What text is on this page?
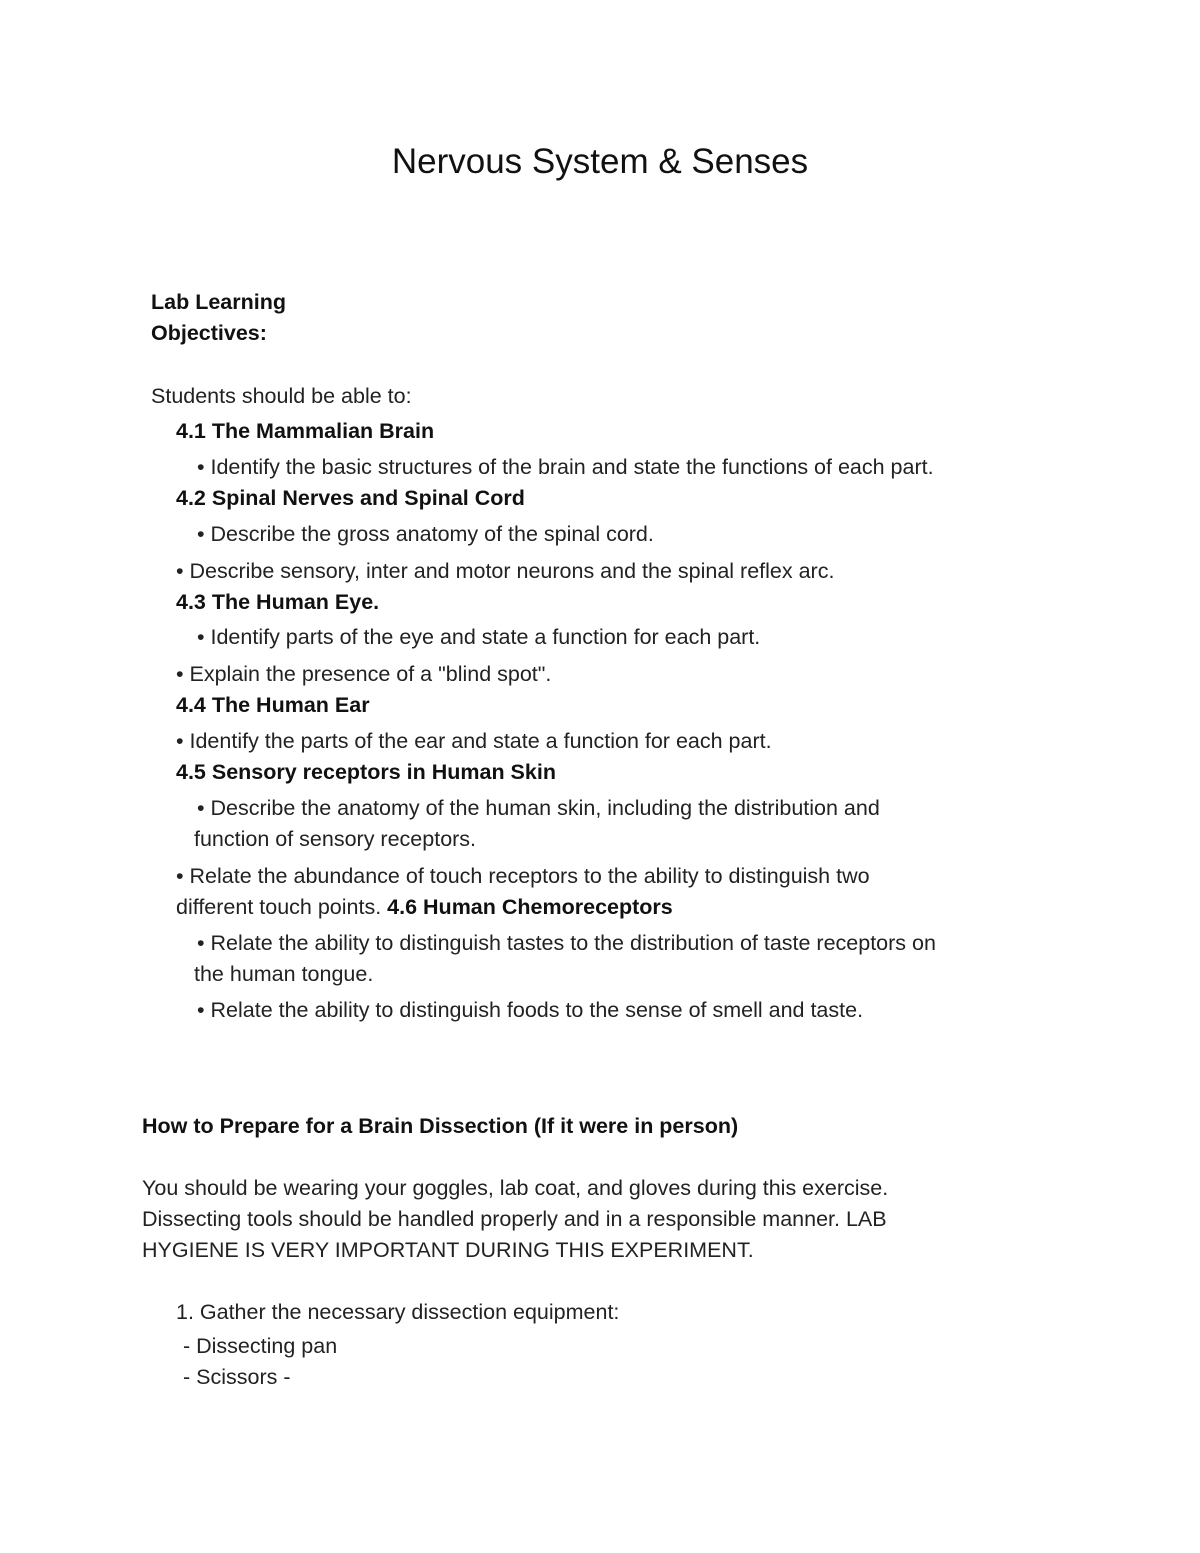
Nervous System & Senses
Lab Learning
Objectives:
Students should be able to:
4.1 The Mammalian Brain
• Identify the basic structures of the brain and state the functions of each part.
4.2 Spinal Nerves and Spinal Cord
• Describe the gross anatomy of the spinal cord.
• Describe sensory, inter and motor neurons and the spinal reflex arc.
4.3 The Human Eye.
• Identify parts of the eye and state a function for each part.
• Explain the presence of a "blind spot".
4.4 The Human Ear
• Identify the parts of the ear and state a function for each part.
4.5 Sensory receptors in Human Skin
• Describe the anatomy of the human skin, including the distribution and
function of sensory receptors.
• Relate the abundance of touch receptors to the ability to distinguish two
different touch points. 4.6 Human Chemoreceptors
• Relate the ability to distinguish tastes to the distribution of taste receptors on
the human tongue.
• Relate the ability to distinguish foods to the sense of smell and taste.
How to Prepare for a Brain Dissection (If it were in person)
You should be wearing your goggles, lab coat, and gloves during this exercise.
Dissecting tools should be handled properly and in a responsible manner. LAB
HYGIENE IS VERY IMPORTANT DURING THIS EXPERIMENT.
1. Gather the necessary dissection equipment:
- Dissecting pan
- Scissors -
